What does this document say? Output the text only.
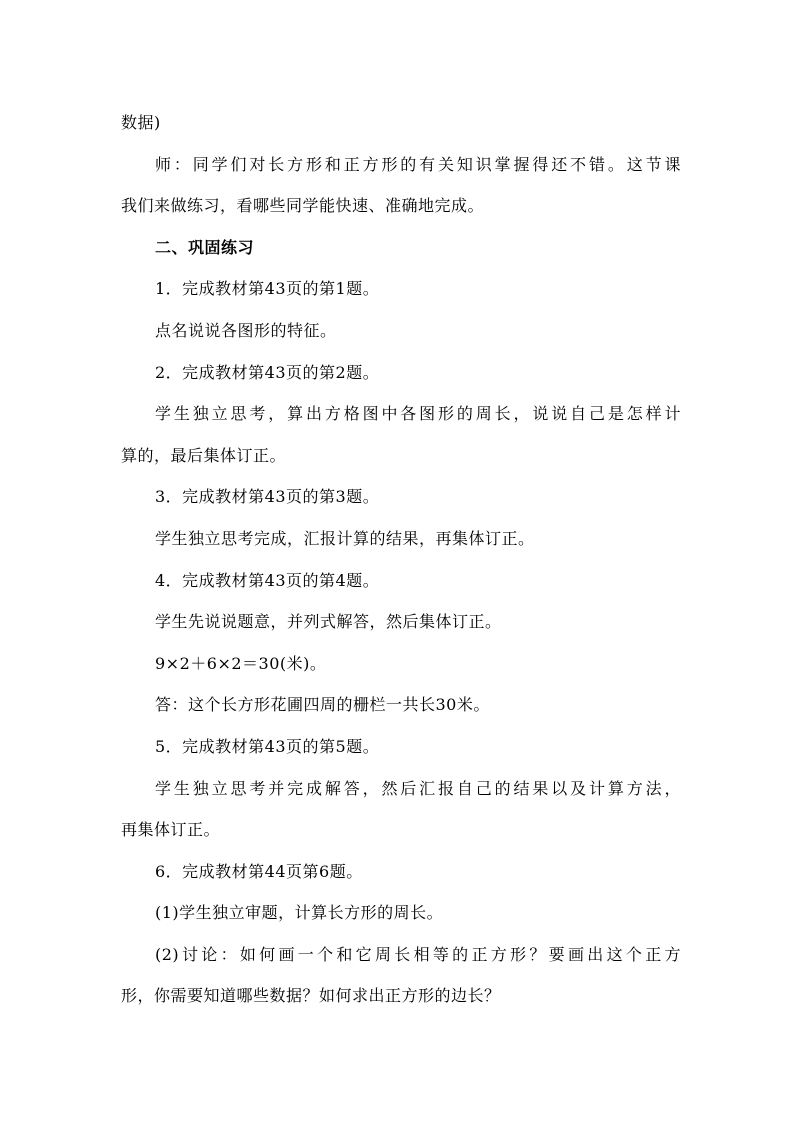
数据)
师：同学们对长方形和正方形的有关知识掌握得还不错。这节课
我们来做练习，看哪些同学能快速、准确地完成。
二、巩固练习
1．完成教材第43页的第1题。
点名说说各图形的特征。
2．完成教材第43页的第2题。
学生独立思考，算出方格图中各图形的周长，说说自己是怎样计
算的，最后集体订正。
3．完成教材第43页的第3题。
学生独立思考完成，汇报计算的结果，再集体订正。
4．完成教材第43页的第4题。
学生先说说题意，并列式解答，然后集体订正。
9×2＋6×2＝30(米)。
答：这个长方形花圃四周的栅栏一共长30米。
5．完成教材第43页的第5题。
学生独立思考并完成解答，然后汇报自己的结果以及计算方法，
再集体订正。
6．完成教材第44页第6题。
(1)学生独立审题，计算长方形的周长。
(2)讨论：如何画一个和它周长相等的正方形？要画出这个正方
形，你需要知道哪些数据？如何求出正方形的边长？
